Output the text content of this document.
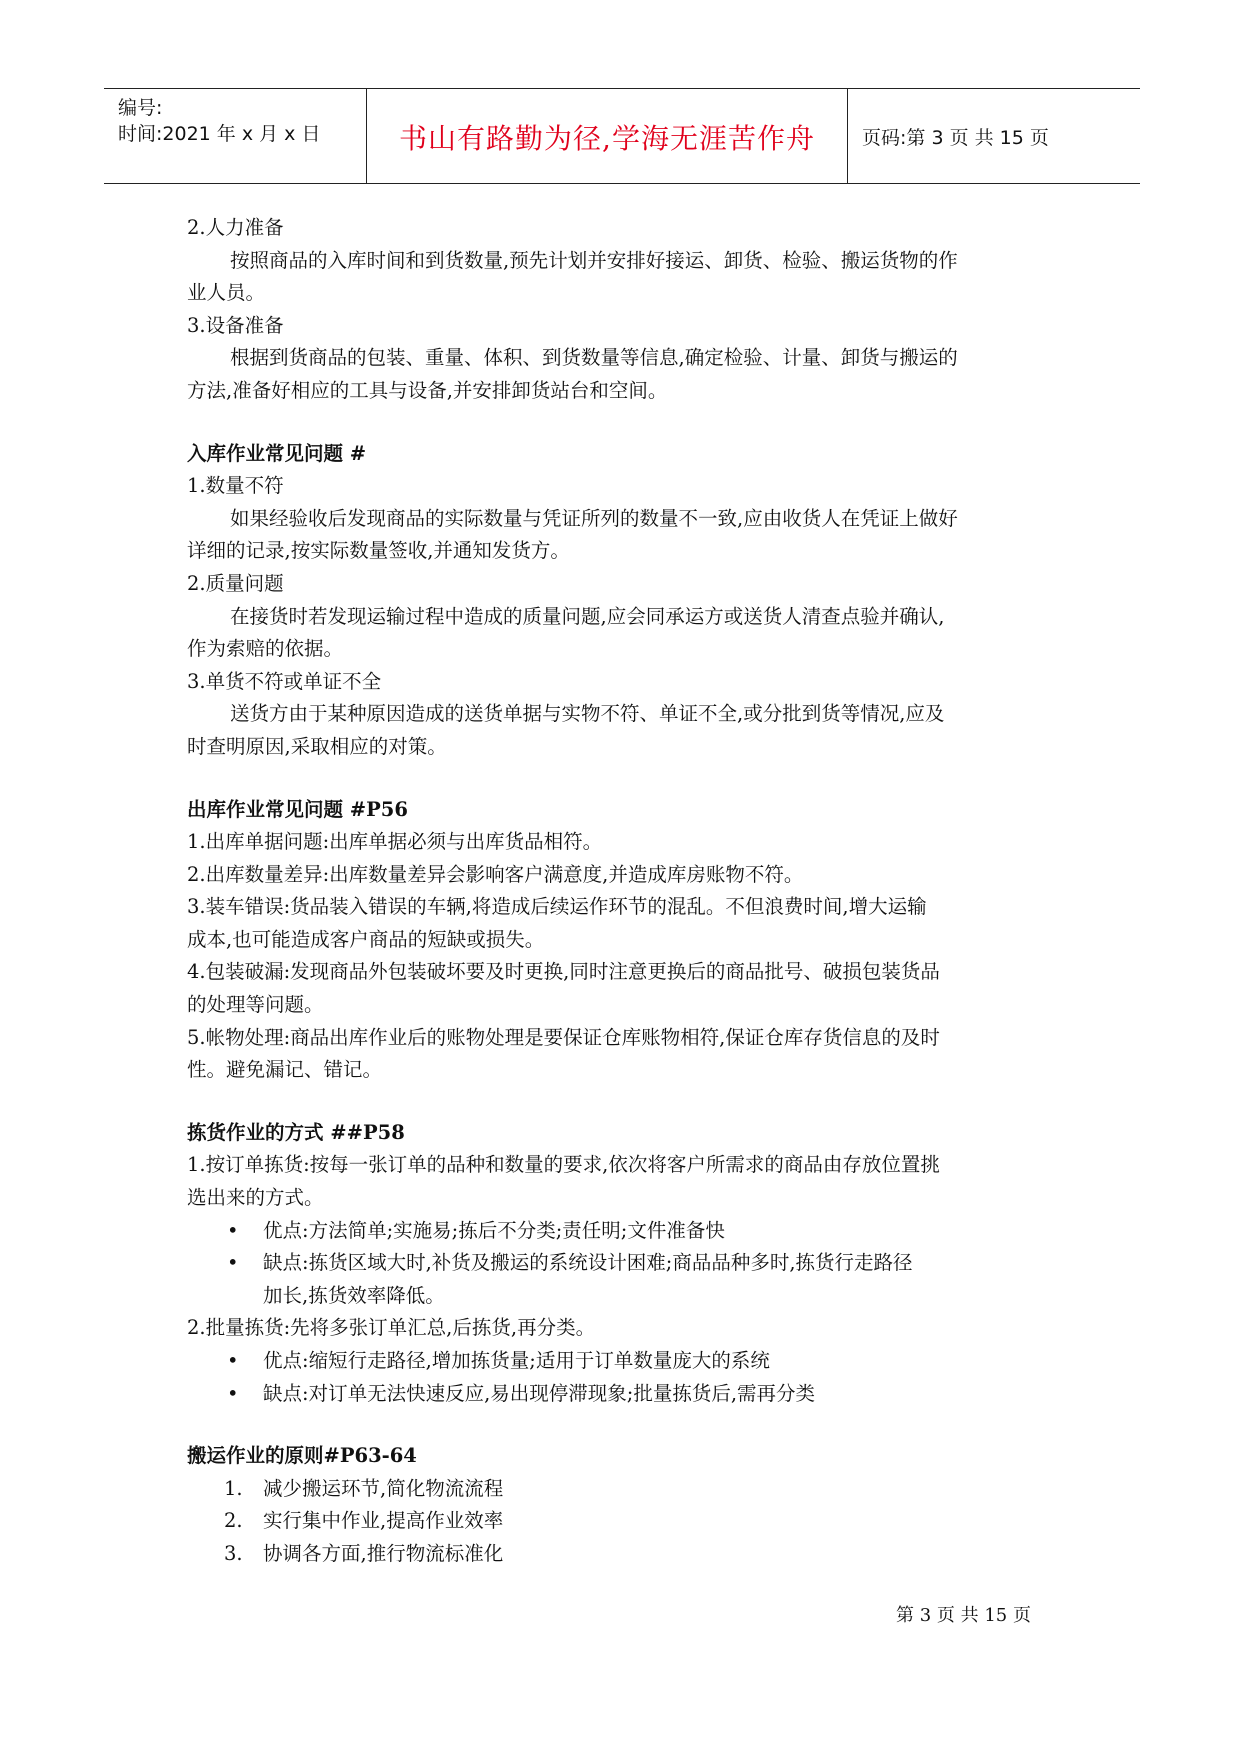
编号:
时间:2021 年 x 月 x 日	书山有路勤为径,学海无涯苦作舟	页码:第 3 页 共 15 页
2.人力准备
按照商品的入库时间和到货数量,预先计划并安排好接运、卸货、检验、搬运货物的作
业人员。
3.设备准备
根据到货商品的包装、重量、体积、到货数量等信息,确定检验、计量、卸货与搬运的
方法,准备好相应的工具与设备,并安排卸货站台和空间。
入库作业常见问题 #
1.数量不符
如果经验收后发现商品的实际数量与凭证所列的数量不一致,应由收货人在凭证上做好
详细的记录,按实际数量签收,并通知发货方。
2.质量问题
在接货时若发现运输过程中造成的质量问题,应会同承运方或送货人清查点验并确认,
作为索赔的依据。
3.单货不符或单证不全
送货方由于某种原因造成的送货单据与实物不符、单证不全,或分批到货等情况,应及
时查明原因,采取相应的对策。
出库作业常见问题 #P56
1.出库单据问题:出库单据必须与出库货品相符。
2.出库数量差异:出库数量差异会影响客户满意度,并造成库房账物不符。
3.装车错误:货品装入错误的车辆,将造成后续运作环节的混乱。不但浪费时间,增大运输
成本,也可能造成客户商品的短缺或损失。
4.包装破漏:发现商品外包装破坏要及时更换,同时注意更换后的商品批号、破损包装货品
的处理等问题。
5.帐物处理:商品出库作业后的账物处理是要保证仓库账物相符,保证仓库存货信息的及时
性。避免漏记、错记。
拣货作业的方式 ##P58
1.按订单拣货:按每一张订单的品种和数量的要求,依次将客户所需求的商品由存放位置挑
选出来的方式。
• 优点:方法简单;实施易;拣后不分类;责任明;文件准备快
• 缺点:拣货区域大时,补货及搬运的系统设计困难;商品品种多时,拣货行走路径
加长,拣货效率降低。
2.批量拣货:先将多张订单汇总,后拣货,再分类。
• 优点:缩短行走路径,增加拣货量;适用于订单数量庞大的系统
• 缺点:对订单无法快速反应,易出现停滞现象;批量拣货后,需再分类
搬运作业的原则#P63-64
1. 减少搬运环节,简化物流流程
2. 实行集中作业,提高作业效率
3. 协调各方面,推行物流标准化
第 3 页 共 15 页
